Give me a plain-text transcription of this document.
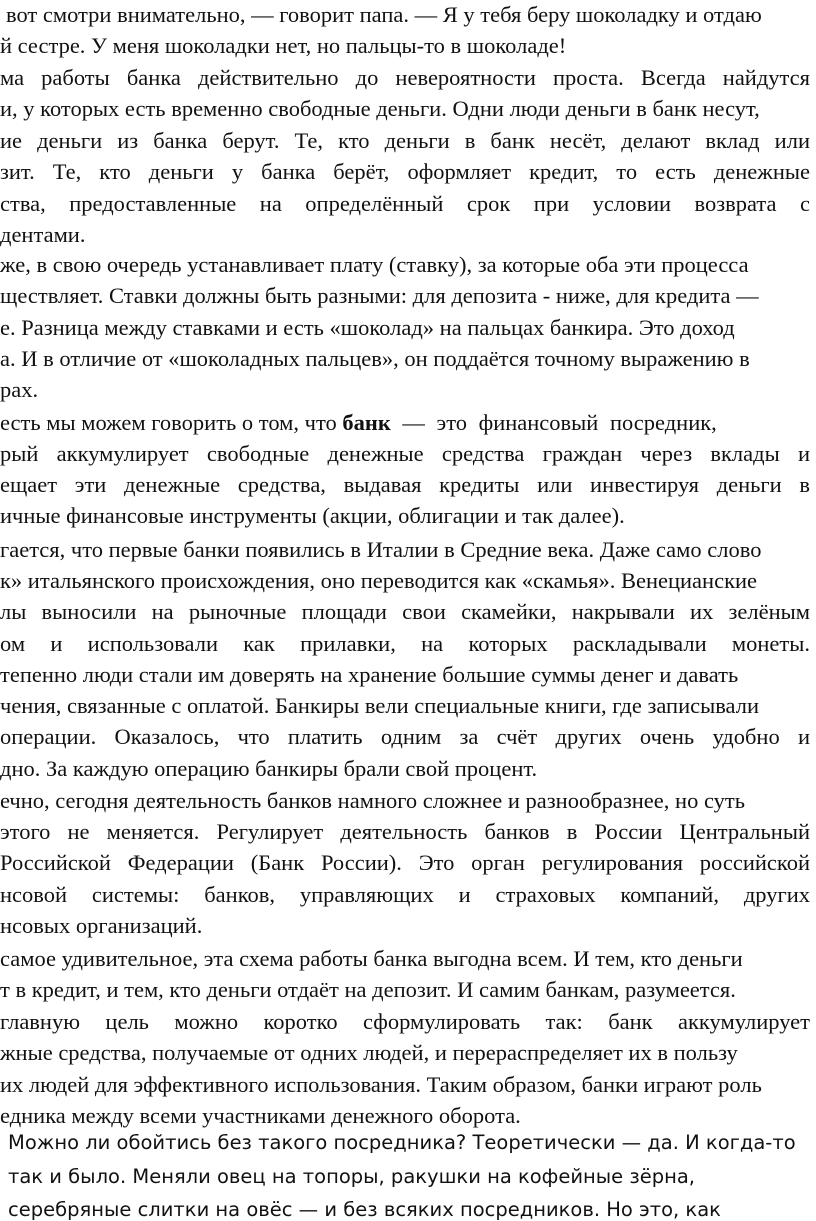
вот смотри внимательно, — говорит папа. — Я у тебя беру шоколадку и отдаю
й сестре. У меня шоколадки нет, но пальцы-то в шоколаде!
ма работы банка действительно до невероятности проста. Всегда найдутся
и, у которых есть временно свободные деньги. Одни люди деньги в банк несут,
ие деньги из банка берут. Те, кто деньги в банк несёт, делают вклад или
зит. Те, кто деньги у банка берёт, оформляет кредит, то есть денежные
ства, предоставленные на определённый срок при условии возврата с
дентами.
же, в свою очередь устанавливает плату (ставку), за которые оба эти процесса
ществляет. Ставки должны быть разными: для депозита - ниже, для кредита —
е. Разница между ставками и есть «шоколад» на пальцах банкира. Это доход
а. И в отличие от «шоколадных пальцев», он поддаётся точному выражению в
рах.
есть мы можем говорить о том, что банк — это финансовый посредник,
рый аккумулирует свободные денежные средства граждан через вклады и
ещает эти денежные средства, выдавая кредиты или инвестируя деньги в
ичные финансовые инструменты (акции, облигации и так далее).
гается, что первые банки появились в Италии в Средние века. Даже само слово
к» итальянского происхождения, оно переводится как «скамья». Венецианские
лы выносили на рыночные площади свои скамейки, накрывали их зелёным
ом и использовали как прилавки, на которых раскладывали монеты.
тепенно люди стали им доверять на хранение большие суммы денег и давать
чения, связанные с оплатой. Банкиры вели специальные книги, где записывали
операции. Оказалось, что платить одним за счёт других очень удобно и
дно. За каждую операцию банкиры брали свой процент.
ечно, сегодня деятельность банков намного сложнее и разнообразнее, но суть
этого не меняется. Регулирует деятельность банков в России Центральный
Российской Федерации (Банк России). Это орган регулирования российской
нсовой системы: банков, управляющих и страховых компаний, других
нсовых организаций.
самое удивительное, эта схема работы банка выгодна всем. И тем, кто деньги
т в кредит, и тем, кто деньги отдаёт на депозит. И самим банкам, разумеется.
главную цель можно коротко сформулировать так: банк аккумулирует
жные средства, получаемые от одних людей, и перераспределяет их в пользу
их людей для эффективного использования. Таким образом, банки играют роль
едника между всеми участниками денежного оборота.
Можно ли обойтись без такого посредника? Теоретически — да. И когда-то
так и было. Меняли овец на топоры, ракушки на кофейные зёрна,
серебряные слитки на овёс — и без всяких посредников. Но это, как
